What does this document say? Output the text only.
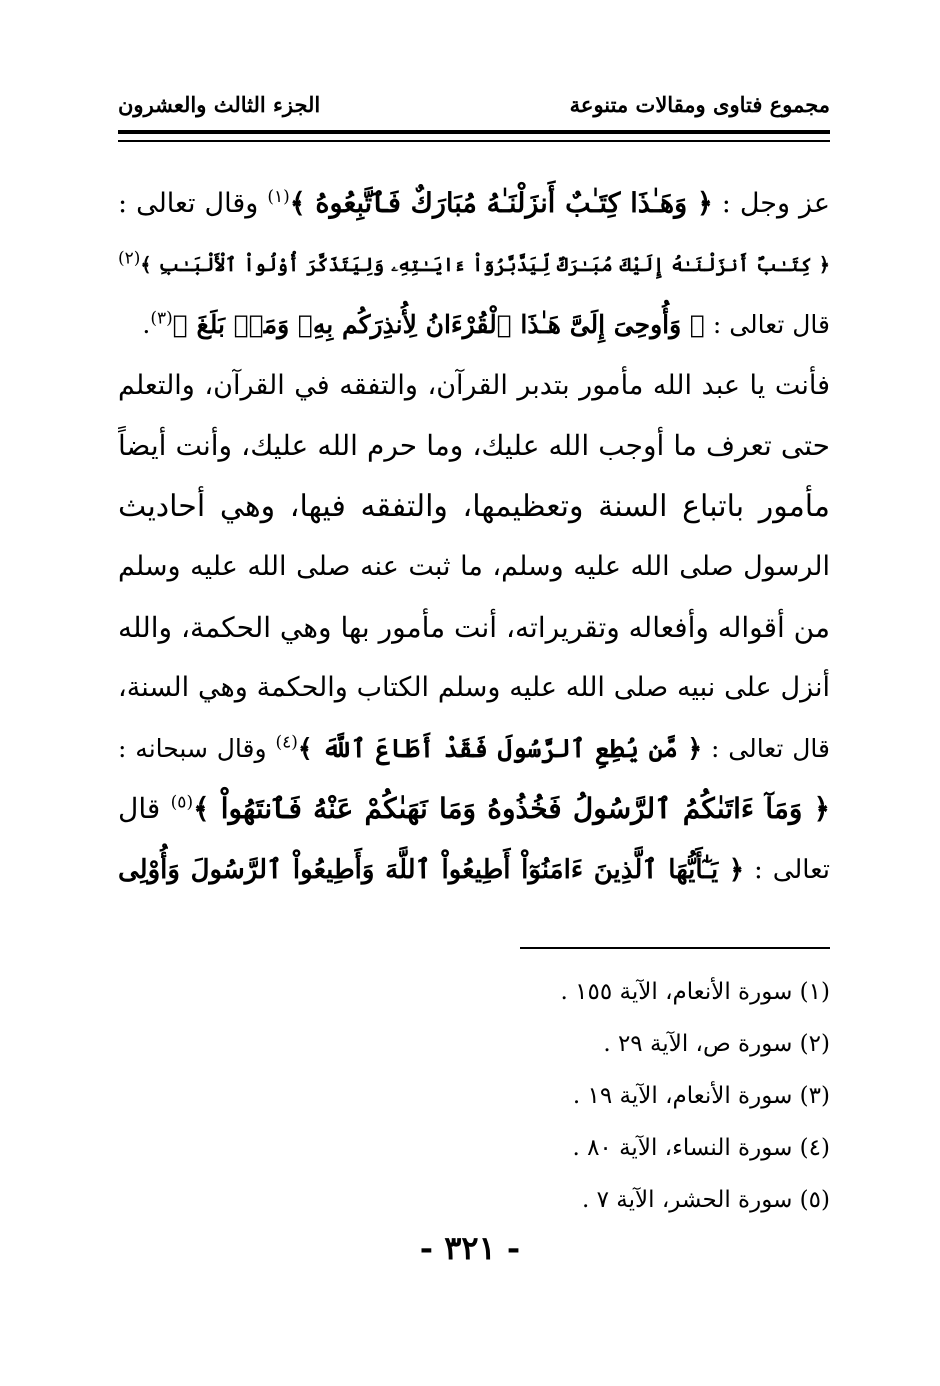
مجموع فتاوى ومقالات متنوعة
الجزء الثالث والعشرون
عز وجل : ﴿ وَهَـٰذَا كِتَـٰبٌ أَنزَلْنَـٰهُ مُبَارَكٌ فَٱتَّبِعُوهُ ﴾$^{(١)}$ وقال تعالى :
﴿ كِتَـٰبٌ أَنزَلْنَـٰهُ إِلَيْكَ مُبَـٰرَكٌ لِّيَدَّبَّرُوٓاْ ءَايَـٰتِهِۦ وَلِيَتَذَكَّرَ أُوْلُواْ ٱلْأَلْبَـٰبِ ﴾$^{(٢)}$
قال تعالى : ﴿ وَأُوحِىَ إِلَىَّ هَـٰذَا ٱلْقُرْءَانُ لِأُنذِرَكُم بِهِۦ وَمَنۢ بَلَغَ ﴾$^{(٣)}$.
فأنت يا عبد الله مأمور بتدبر القرآن، والتفقه في القرآن، والتعلم
حتى تعرف ما أوجب الله عليك، وما حرم الله عليك، وأنت أيضاً
مأمور باتباع السنة وتعظيمها، والتفقه فيها، وهي أحاديث
الرسول صلى الله عليه وسلم، ما ثبت عنه صلى الله عليه وسلم
من أقواله وأفعاله وتقريراته، أنت مأمور بها وهي الحكمة، والله
أنزل على نبيه صلى الله عليه وسلم الكتاب والحكمة وهي السنة،
قال تعالى : ﴿ مَّن يُطِعِ ٱلرَّسُولَ فَقَدْ أَطَاعَ ٱللَّهَ ﴾$^{(٤)}$ وقال سبحانه :
﴿ وَمَآ ءَاتَىٰكُمُ ٱلرَّسُولُ فَخُذُوهُ وَمَا نَهَىٰكُمْ عَنْهُ فَٱنتَهُواْ ﴾$^{(٥)}$ قال
تعالى : ﴿ يَـٰٓأَيُّهَا ٱلَّذِينَ ءَامَنُوٓاْ أَطِيعُواْ ٱللَّهَ وَأَطِيعُواْ ٱلرَّسُولَ وَأُوْلِى
(١) سورة الأنعام، الآية ١٥٥ .
(٢) سورة ص، الآية ٢٩ .
(٣) سورة الأنعام، الآية ١٩ .
(٤) سورة النساء، الآية ٨٠ .
(٥) سورة الحشر، الآية ٧ .
- ٣٢١ -
